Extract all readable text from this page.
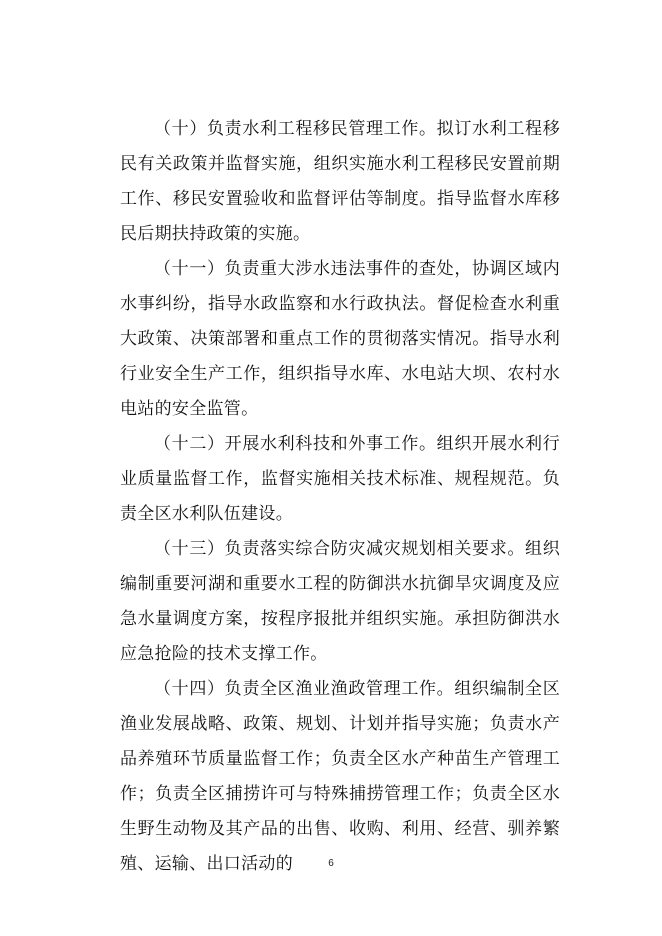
（十）负责水利工程移民管理工作。拟订水利工程移民有关政策并监督实施，组织实施水利工程移民安置前期工作、移民安置验收和监督评估等制度。指导监督水库移民后期扶持政策的实施。

（十一）负责重大涉水违法事件的查处，协调区域内水事纠纷，指导水政监察和水行政执法。督促检查水利重大政策、决策部署和重点工作的贯彻落实情况。指导水利行业安全生产工作，组织指导水库、水电站大坝、农村水电站的安全监管。

（十二）开展水利科技和外事工作。组织开展水利行业质量监督工作，监督实施相关技术标准、规程规范。负责全区水利队伍建设。

（十三）负责落实综合防灾减灾规划相关要求。组织编制重要河湖和重要水工程的防御洪水抗御旱灾调度及应急水量调度方案，按程序报批并组织实施。承担防御洪水应急抢险的技术支撑工作。

（十四）负责全区渔业渔政管理工作。组织编制全区渔业发展战略、政策、规划、计划并指导实施；负责水产品养殖环节质量监督工作；负责全区水产种苗生产管理工作；负责全区捕捞许可与特殊捕捞管理工作；负责全区水生野生动物及其产品的出售、收购、利用、经营、驯养繁殖、运输、出口活动的	6
